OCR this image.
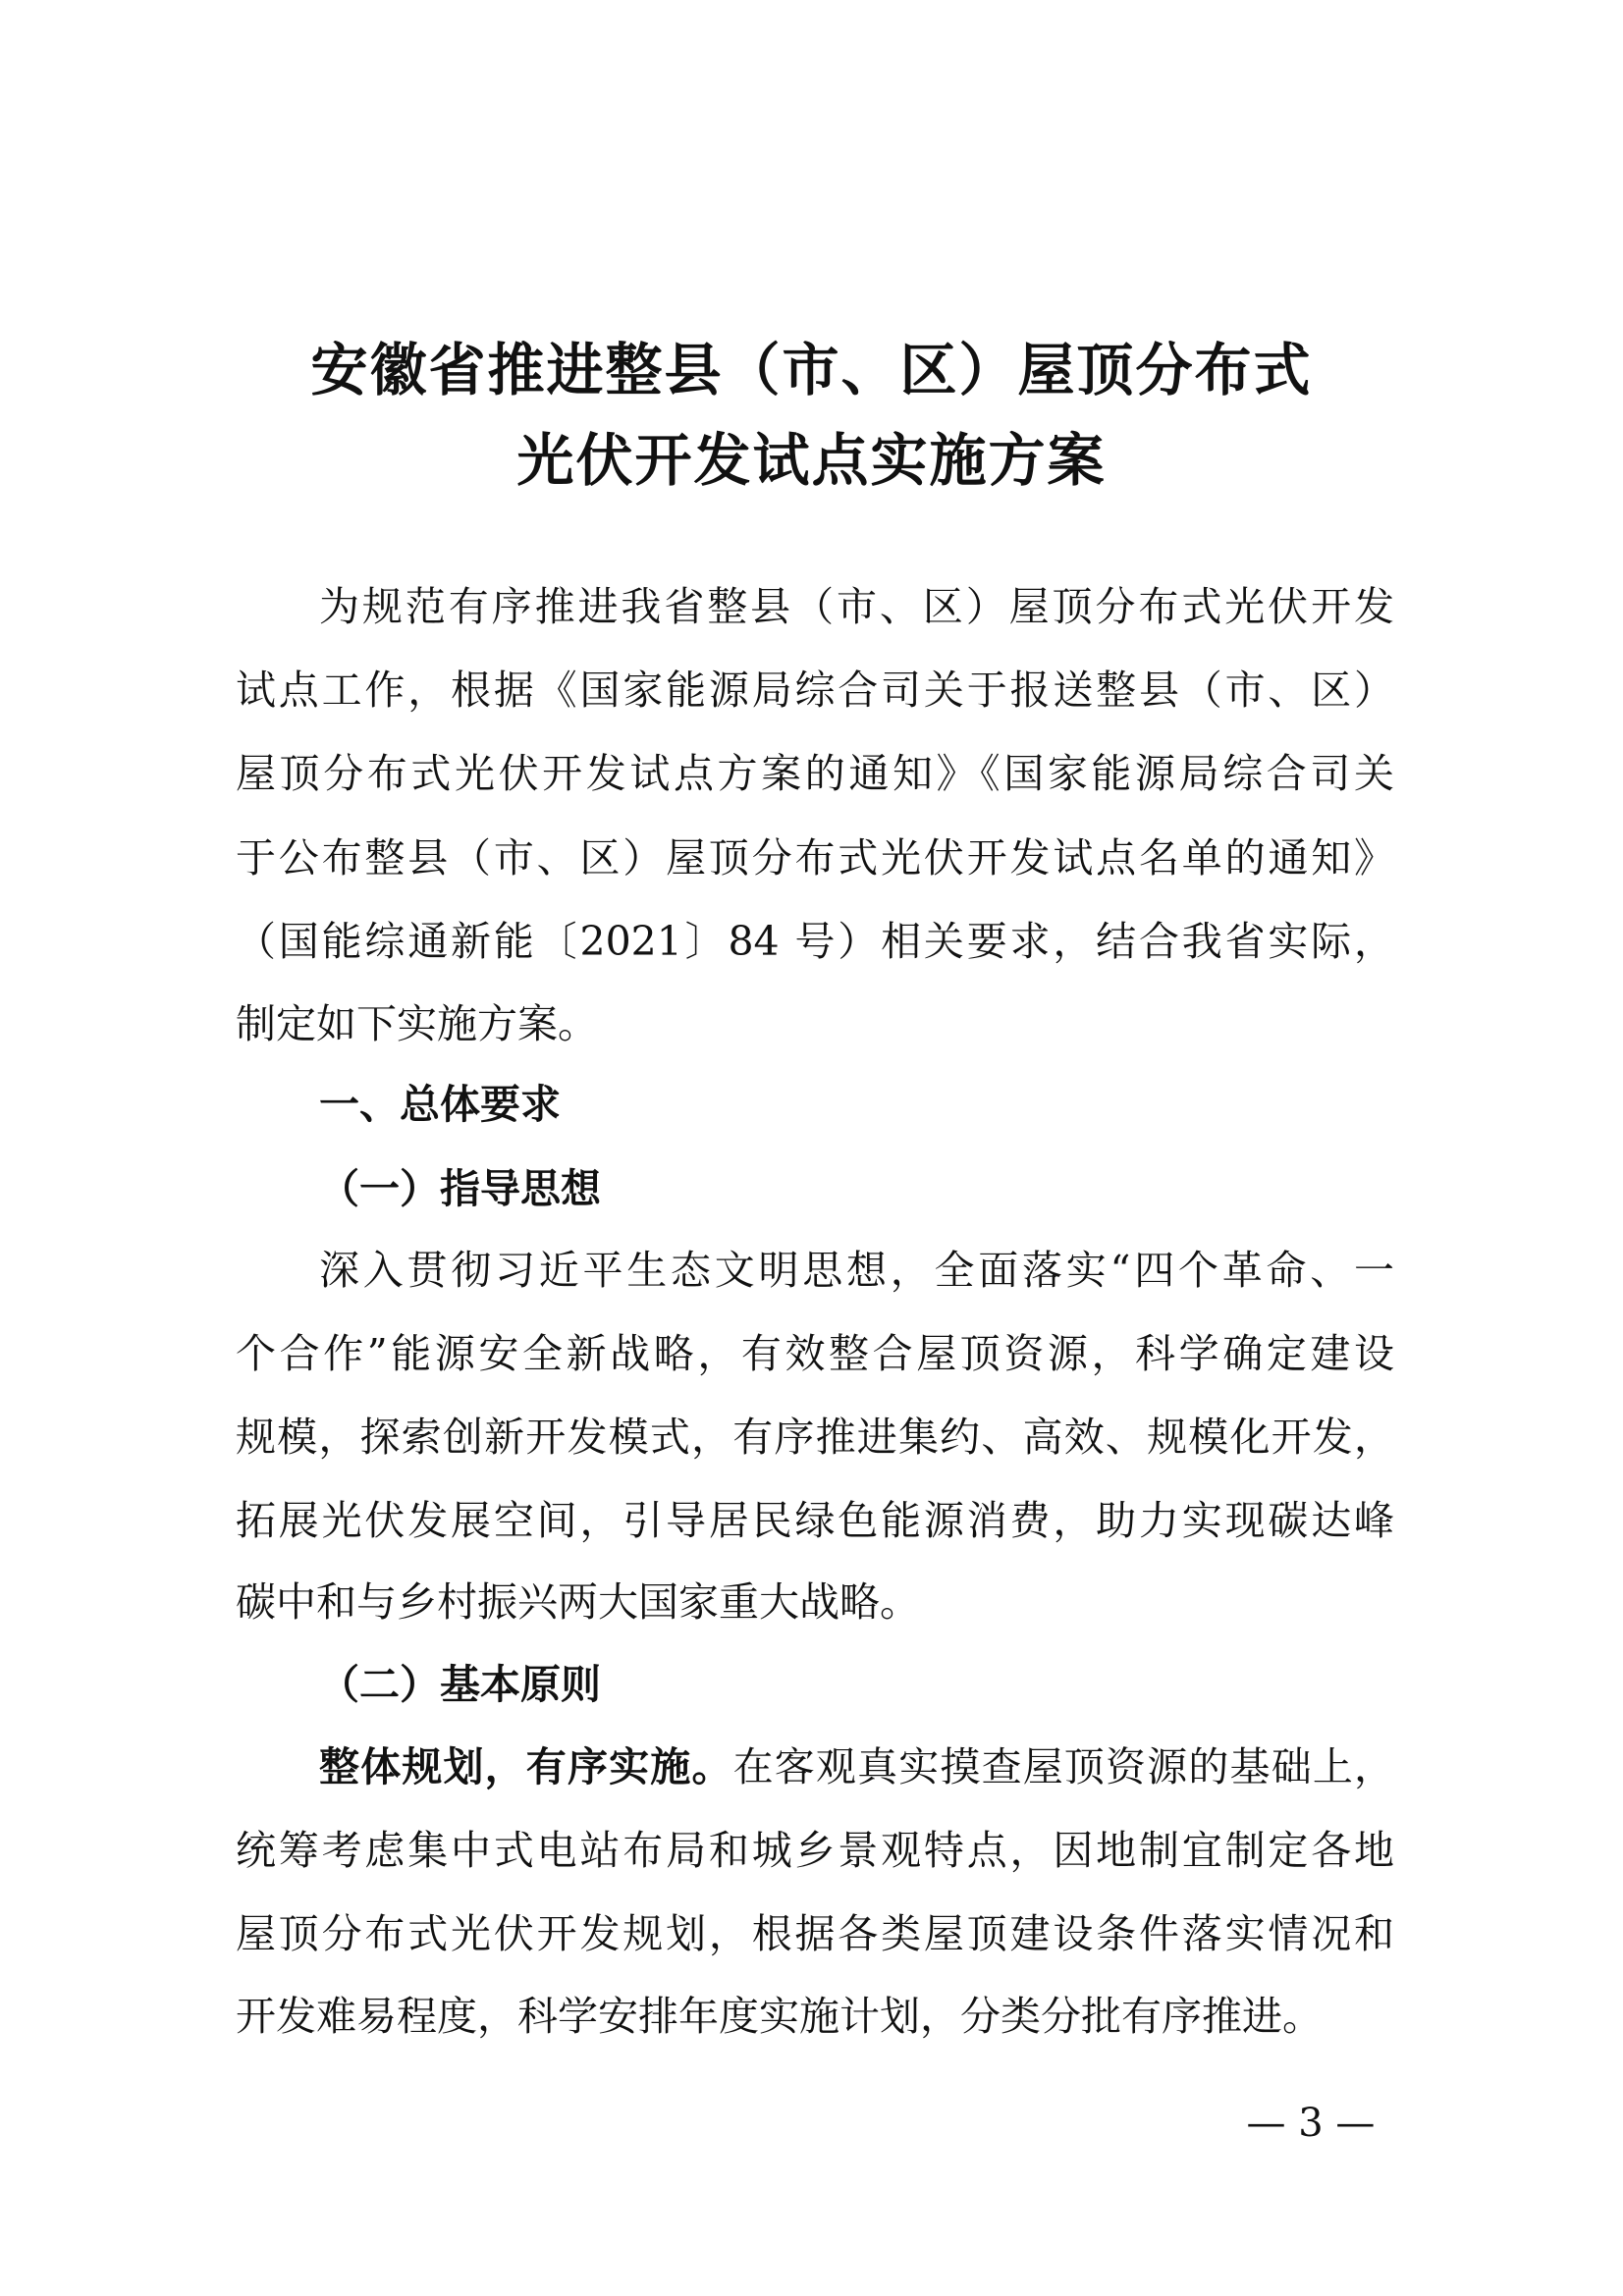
安徽省推进整县（市、区）屋顶分布式
光伏开发试点实施方案
为规范有序推进我省整县（市、区）屋顶分布式光伏开发
试点工作，根据《国家能源局综合司关于报送整县（市、区）
屋顶分布式光伏开发试点方案的通知》《国家能源局综合司关
于公布整县（市、区）屋顶分布式光伏开发试点名单的通知》
（国能综通新能〔2021〕84 号）相关要求，结合我省实际，
制定如下实施方案。
一、总体要求
（一）指导思想
深入贯彻习近平生态文明思想，全面落实“四个革命、一
个合作”能源安全新战略，有效整合屋顶资源，科学确定建设
规模，探索创新开发模式，有序推进集约、高效、规模化开发，
拓展光伏发展空间，引导居民绿色能源消费，助力实现碳达峰
碳中和与乡村振兴两大国家重大战略。
（二）基本原则
整体规划，有序实施。在客观真实摸查屋顶资源的基础上，
统筹考虑集中式电站布局和城乡景观特点，因地制宜制定各地
屋顶分布式光伏开发规划，根据各类屋顶建设条件落实情况和
开发难易程度，科学安排年度实施计划，分类分批有序推进。
— 3 —
